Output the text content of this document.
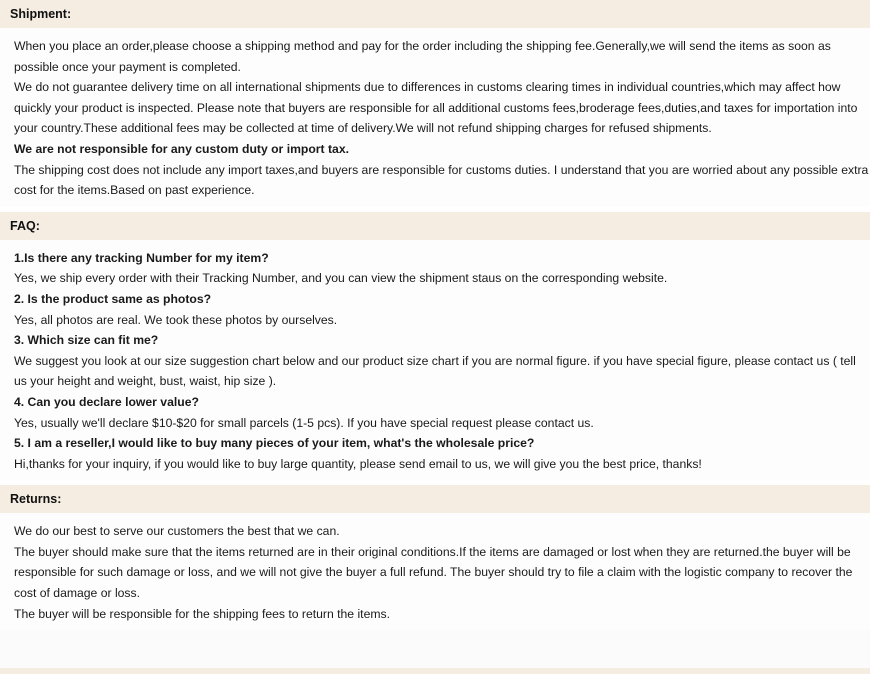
Shipment:
When you place an order,please choose a shipping method and pay for the order including the shipping fee.Generally,we will send the items as soon as
possible once your payment is completed.
We do not guarantee delivery time on all international shipments due to differences in customs clearing times in individual countries,which may affect how
quickly your product is inspected. Please note that buyers are responsible for all additional customs fees,broderage fees,duties,and taxes for importation into
your country.These additional fees may be collected at time of delivery.We will not refund shipping charges for refused shipments.
We are not responsible for any custom duty or import tax.
The shipping cost does not include any import taxes,and buyers are responsible for customs duties. I understand that you are worried about any possible extra
cost for the items.Based on past experience.
FAQ:
1.Is there any tracking Number for my item?
Yes, we ship every order with their Tracking Number, and you can view the shipment staus on the corresponding website.
2. Is the product same as photos?
Yes, all photos are real. We took these photos by ourselves.
3. Which size can fit me?
We suggest you look at our size suggestion chart below and our product size chart if you are normal figure. if you have special figure, please contact us ( tell
us your height and weight, bust, waist, hip size ).
4. Can you declare lower value?
Yes, usually we'll declare $10-$20 for small parcels (1-5 pcs). If you have special request please contact us.
5. I am a reseller,I would like to buy many pieces of your item, what's the wholesale price?
Hi,thanks for your inquiry, if you would like to buy large quantity, please send email to us, we will give you the best price, thanks!
Returns:
We do our best to serve our customers the best that we can.
The buyer should make sure that the items returned are in their original conditions.If the items are damaged or lost when they are returned.the buyer will be
responsible for such damage or loss, and we will not give the buyer a full refund. The buyer should try to file a claim with the logistic company to recover the
cost of damage or loss.
The buyer will be responsible for the shipping fees to return the items.
